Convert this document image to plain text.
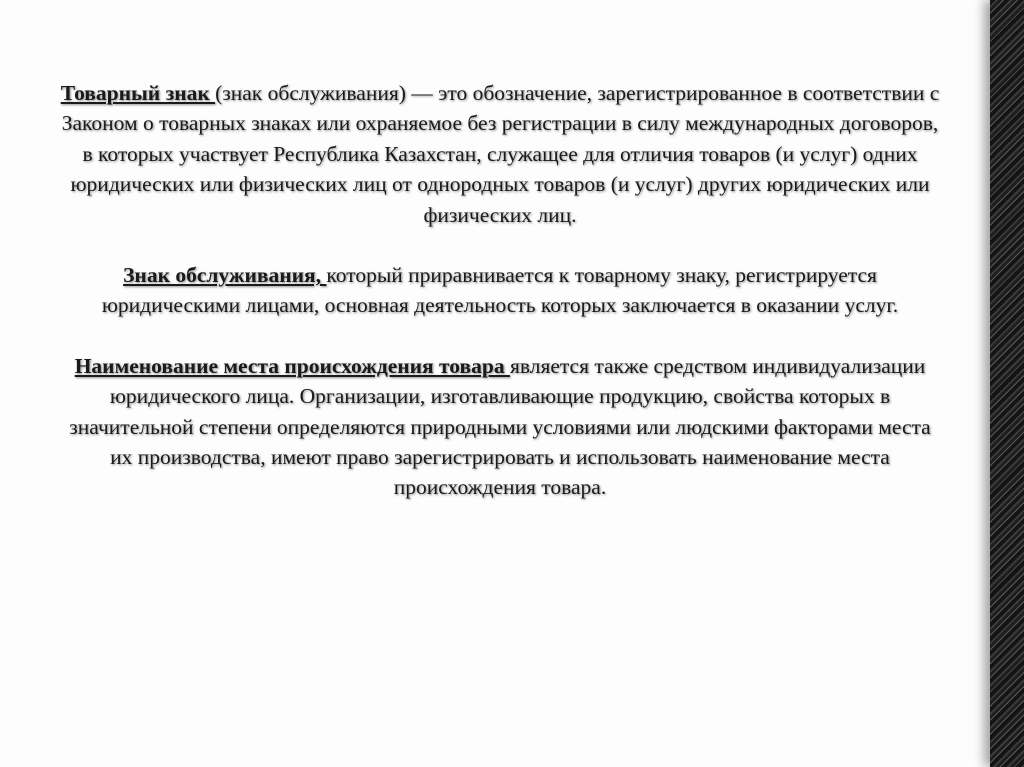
Товарный знак (знак обслуживания) — это обозначение, зарегистрированное в соответствии с Законом о товарных знаках или охраняемое без регистрации в силу международных договоров, в которых участвует Республика Казахстан, служащее для отличия товаров (и услуг) одних юридических или физических лиц от однородных товаров (и услуг) других юридических или физических лиц.

Знак обслуживания, который приравнивается к товарному знаку, регистрируется юридическими лицами, основная деятельность которых заключается в оказании услуг.

Наименование места происхождения товара является также средством индивидуализации юридического лица. Организации, изготавливающие продукцию, свойства которых в значительной степени определяются природными условиями или людскими факторами места их производства, имеют право зарегистрировать и использовать наименование места происхождения товара.
